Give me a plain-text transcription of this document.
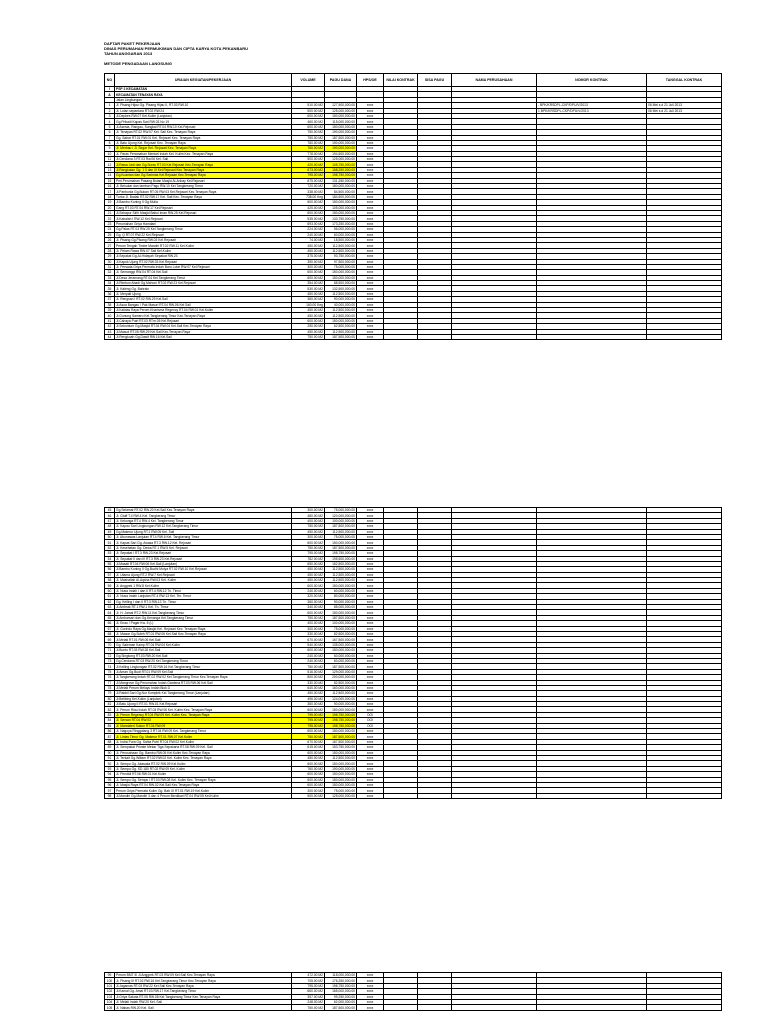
DAFTAR PAKET PEKERJAAN
DINAS PERUMAHAN PERMUKIMAN DAN CIPTA KARYA KOTA PEKANBARU
TAHUN ANGGARAN 2013
METODE PENGADAAN LANGSUNG
NO	URAIAN KEGIATAN/PEKERJAAN	VOLUME	PAGU DANA	HPS/OE	NILAI KONTRAK	SISA PAGU	NAMA PERUSAHAAN	NOMOR KONTRAK	TANGGAL KONTRAK
I	PSP 2 KECAMATAN								
A	KECAMATAN TENAYAN RAYA								
	Jalan Lingkungan								
1	Jl. Pisang Hijau Gg. Pisang Hijau II, RT.03 RW.10	510.00 M2	127,500,000.00	xxxx				- BPK/KRSDPL-CKP/DPU/V/2013	06 Mei s.d 21 Juli 2013
2	Jl. Lulan sepantara RT.02 RW.24	500.00 M2	125,000,000.00	xxxx				1 BPK/KRSDPL-CKP/DPU/V/2013	06 Mei s.d 21 Juli 2013
3	Jl.Depkes RW.07 Kel.Kulim (Lanjutan)	600.00 M2	150,000,000.00	xxxx					
4	Gg.Pribadi Kapas Sari RW.03 No 19	460.00 M2	115,000,000.00	xxxx					
5	Jl.Asesta, Rangau, Sungkai RT.04 RW.10 Kel.Rejosari	600.00 M2	150,000,000.00	xxxx					
6	Jl. Tenayan RT.02 RW.07 Kel. Sail Kec. Tenayan Raya	750.00 M2	190,000,000.00	xxxx					
7	Gg. Sabar RT.01 RW.01 Kel. Rejosari Kec. Tenayan Raya	750.00 M2	187,500,000.00	xxxx					
8	Jl. Batu Ujung Kel. Rejosari Kec. Tenayan Raya	760.00 M2	190,000,000.00	xxxx					
9	Jl. Merbau / Jl. Segar Kel. Rejosari Kec. Tenayan Raya	760.00 M2	190,000,000.00	xxxx					
10	Jl. Paras Peramahan Mentari Indah Kel. Kulim Kec. Tenayan Raya	778.00 M2	194,500,000.00	xxxx					
11	Jl.Cendana 3 RT.03 Rw.06 Kel. Sail	500.00 M2	125,000,000.00	xxxx					
12	Jl.Rawa Jadi dan Gg.Surau RT.03 Kel.Rejosari Kec.Tenayan Raya	420.00 M2	105,750,000.00	xxxx					
13	Jl.Rangkaian Gg. 1 II dan III Kel.Rejosari Kec.Tenayan Raya	673.00 M2	168,250,000.00	xxxx					
14	Gg.Kuantan dan Gg.Sarimas Kel.Rejosari Kec.Tenayan Raya	795.00 M2	198,750,000.00	xxxx					
15	Perl.Perumahan Pasang Bulan Masjid Al-Anbay Kel.Rejosari	875.00 M2	131,250,000.00	xxxx					
16	Jl. Bekukar dan lambun Pagu RW.10 Kel.Tangkerang Timur	720.00 M2	180,000,000.00	xxxx					
17	Jl.Panbunia Gg.Bukan RT.05 RW.03 Kel.Rejosari Kec.Tenayan Raya	338.00 M2	84,500,000.00	xxxx					
18	Turtur Jl. Badak RT.02 RW.17 Kel. Sail Kec. Tenayan Raya	738.00 Keg	184,500,000.00	xxxx					
19	Jl.Bambu Kuning II Gg.Mulia	600.00 M2	150,000,000.00	xxxx					
20	Gang RT.03 RT.04 RW.17 Kel.Rejosari	420.00 M2	105,000,000.00	xxxx					
21	Jl.Sekapur Sirih Masjid Baitul Iman RW.25 Kel.Rejosari	600.00 M2	150,000,000.00	xxxx					
22	Jl.Kabalah I RW.12 Kel.Rejosari	535.00 M2	133,750,000.00	xxxx					
23	Perumahan Griya Hamdani	693.00 M2	173,250,000.00	xxxx					
24	Gg.Palas RT.03 RW.25 Kel.Tangkerang Timur	224.00 M2	56,000,000.00	xxxx					
25	Gg. Q RT.07 RW.22 Kel.Rejosari	240.00 M2	60,000,000.00	xxxx					
26	Jl. Pisang Gg.Pisang RW.03 Kel.Rejosari	74.00 M2	18,500,000.00	xxxx					
27	Perum Tengah Timbe Mandiri RT.02 RW.11 Kel.Kulim	450.00 M2	112,500,000.00	xxxx					
28	Jl. Pelam Rawa RW.07 Sail Kel.Kulim	450.00 M2	112,500,000.00	xxxx					
29	Jl.Sepakat Gg.Al-Hidayah Sepakat RW.23	375.00 M2	93,750,000.00	xxxx					
30	Jl.Kapuk Ujung RT.02 RW.03 Kel.Rejosari	390.00 M2	97,500,000.00	xxxx					
31	Jl. Persada Griya Permata Indah Baru Lotar RW.07 Kel.Rejosari	300.00 M2	75,000,000.00	xxxx					
32	Jl. Semanggi RW.04 RT.04 Kel.Sail	600.00 M2	150,000,000.00	xxxx					
33	Jl.Desa Jeramang RT.04 Kel.Tangkerang Timur	600.00 M2	150,000,000.00	xxxx					
34	Jl.Rimbun Abadi Gg.Mahoni RT.02 RW.23 Kel.Rejosari	354.00 M2	88,500,000.00	xxxx					
35	Jl. Kaleng Gg. Bahrain	530.00 M2	132,500,000.00	xxxx					
36	Jl. Merpati Ujung	450.00 M2	112,500,000.00	xxxx					
37	Jl. Rengsan I RT.02 RW.29 Kel.Sail	360.00 M2	90,000,000.00	xxxx					
38	Jl.Asoa Bangau / Pak Masuri RT.04 RW.06 Kel.Sail	160.00 Keg	40,000,000.00	xxxx					
39	Jl.Kalidas Raya Perum Kharisma Regency RT.04 RW.01 Kel.Kulim	450.00 M2	112,500,000.00	xxxx					
40	Jl.Gunung Sameru Kel.Tangkerang Timur Kec.Tenayan Raya	450.00 M2	112,500,000.00	xxxx					
41	Jl.Cahaya Putri RT.03 RTm.05 Kel.Rejosari	600.00 M2	150,000,000.00	xxxx					
42	Jl.Sekuntum Gg.Masjid RT.04 RW.04 Kel.Sail Kec.Tenayan Raya	250.00 M2	62,500,000.00	xxxx					
43	Jl.Masud RT.05 RW.29 Kel.Sail Kec.Tenayan Raya	450.00 M2	112,500,000.00	xxxx					
44	Jl.Rengkuah Gg.Dawit RW.16 Kel.Sail	750.00 M2	187,500,000.00	xxxx					
45	Gg.Selamat RT.02 RW.20 Kel.Sail Kec.Tenayan Raya	300.00 M2	75,000,000.00	xxxx					
46	Jl. Gtuff T.4 RW.4 Kel. Tangkerang Timur	480.00 M2	120,000,000.00	xxxx					
47	Jl. Kekunga RT.4 RW.4 Kel. Tangkerang Timur	400.00 M2	100,000,000.00	xxxx					
48	Jl. Kapau Sari Lingkungan RW.12 Kel.Tangkerang Timur	750.00 M2	187,500,000.00	xxxx					
49	Gg.Makmur Ujung RT.1 RW.05 Kel. Sail	450.00 M2	112,500,000.00	xxxx					
50	Jl. Abunawas Lanjutan RT.4 RW.6 Kel. Tangkerang Timur	300.00 M2	75,000,000.00	xxxx					
51	Jl. Kapas Sari Gg. Awasa RT.3 RW.12 Kel. Rejosari	600.00 M2	150,000,000.00	xxxx					
52	Jl. Kesehatan Gg. Dewa RT.1 RW.5 Kel. Rejosari	750.00 M2	187,500,000.00	xxxx					
53	Jl. Sepakat I RT.3 RW.23 Kel.Rejosari	795.00 M2	198,750,000.00	xxxx					
54	Jl. Sepakat II dan III RT.3 RW.23 Kel.Rejosari	782.00 M2	195,500,000.00	xxxx					
55	Jl.Masati RT.04 RW.06 Kel.Sail (Lanjutan)	650.00 M2	162,500,000.00	xxxx					
56	Jl.Bambu Kuning II Gg.Budhi Mulya RT.02 RW.10 Kel.Rejosari	450.00 M2	112,500,000.00	xxxx					
57	Jl. Utama Ujung RT.2 RW.7 Kel.Rejosari	450.00 M2	112,500,000.00	xxxx					
58	Jl. Mashallah Al-Aqsha RW.03 Kel. Kulim	450.00 M2	112,500,000.00	xxxx					
59	Jl. Anggrek 1 RW.8 Kel.Kulim	600.00 M2	150,000,000.00	xxxx					
60	Jl. Nusa Indah I dan II RT.4 RW.12 Tn. Timur	240.00 M2	60,000,000.00	xxxx					
61	Jl. Nusa Indah Lanjutan RT.4 RW.13 Kel. Ter. Timur	320.00 M2	80,000,000.00	xxxx					
62	Gg. Kelling I dan II RT.3 RW.13 Tn. Timur	360.00 M2	90,000,000.00	xxxx					
63	Jl.Ambrak RT.1 RW.1 Kel. Tn. Timur	340.00 M2	85,000,000.00	xxxx					
64	Jl. H. Jamal RT.2 RW.11 Kel.Tangkerang Timur	600.00 M2	150,000,000.00	xxxx					
65	Jl.Ambarsari dan Gg.Kenanga Kel.Tangkerang Timur	750.00 M2	187,500,000.00	xxxx					
66	Jl. Enau / Pagar Kw. 5 (L)	400.00 M2	100,000,000.00	xxxx					
67	Jl. Gurindo Raya Gg.Masjid Kel. Rejosari Kec. Tenayan Raya	300.00 M2	75,000,000.00	xxxx					
68	Jl. Mawar Gg.Soleh RT.01 RW.06 Kel.Sail Kec.Tenayan Raya	330.00 M2	82,500,000.00	xxxx					
69	Jl.Melati RT.01 RW.06 Kel.Sail	670.00 M2	167,500,000.00	xxxx					
70	Gg. Saleman Kamp RT.04 RW.04 Kel.Kulim	540.00 M2	135,000,000.00	xxxx					
71	Jl.Buntu RT.03 RW.28 Kel.Sail	600.00 M2	150,000,000.00	xxxx					
72	Gg.Singkong RT.03 RW.20 Kel.Sail	240.00 M2	60,000,000.00	xxxx					
73	Gg.Cendana RT.03 RW.20 Kel.Tangkerang Timur	240.00 M2	60,000,000.00	xxxx					
74	Jl.Kelling Lingkungan RT.02 RW.16 Kel.Tangkerang Timur	750.00 M2	187,500,000.00	xxxx					
75	Jl.Aman Gg.Budi RT.01 RW.09 Kel.Sail	516.00 M2	129,000,000.00	xxxx					
76	Jl.Tangkerang Indah RT.02 RW.02 Kel.Tangkerang Timur Kec.Tenayan Raya	800.00 M2	200,000,000.00	xxxx					
77	Jl.Mangrove Gg.Perumahan Indah Gardena RT.03 RW.06 Kel.Sail	330.00 M2	82,500,000.00	xxxx					
78	Jl.Melati Perum Melayu Indah Blok D	640.00 M2	160,000,000.00	xxxx					
79	Jl.Rabbil Sari Gg.Nur Komplek Kel.Tangkerang Timur (Lanjutan)	450.00 M2	112,500,000.00	xxxx					
80	Jl.Belibing Kel.Kulim (Lanjutan)	496.00 M2	124,000,000.00	xxxx					
81	Jl.Batu Ujung II RT.01 RW.01 Kel.Rejosari	360.00 M2	90,000,000.00	xxxx					
82	Jl. Perum Riau Indah RT.03 RW.06 Kel. Kulim Kec. Tenayan Raya	600.00 M2	150,000,000.00	xxxx					
83	Jl. Perum Regency RT.04 RW.09 Kel. Kulim Kec. Tenayan Raya	795.00 M2	198,750,000.00	OOI					
84	Jl. Sersan RT.04 RW.03	795.00 M2	198,750,000.00	OOI					
85	Jl. Mandaleri Sukun RT.04 RW.09	795.00 M2	198,750,000.00	OOI					
86	Jl. Nagoya Ringgalang 3 RT.04 RW.09 Kel. Tangkerang Timur	600.00 M2	150,000,000.00	xxxx					
87	Jl. Lintas Timur Gg. Makmur RT.01 RW.07 Kel.Kulim	750.00 M2	187,500,000.00	xxxx					
88	Jl. Indra Pura Gg. Sahla Putri RT.04 RW.02 Kel.Kulim	670.00 M2	167,500,000.00	xxxx					
89	Jl. Sempakat Private Mekar Tiga Sepakaria RT.08 RW.09 Kel. Sail	615.00 M2	153,750,000.00	xxxx					
90	Jl. Perusahaan Gg. Bambu RW.05 Kel.Kulim Kec.Tenayan Raya	600.00 M2	150,000,000.00	xxxx					
91	Jl. Terkait Gg.Wiliam RT.02 RW.02 Kel. Kulim Kec. Tenayan Raya	450.00 M2	112,500,000.00	xxxx					
92	Jl. Sempu Gg. Akasaka RT.02 RW.09 Kel.Kulim	600.00 M2	150,000,000.00	xxxx					
93	Jl. Sempu Gg. SD 180 RT.02 RW.09 Kel. Kulim	760.00 M2	190,000,000.00	xxxx					
94	Jl. Pendidi RT.06 RW.01 Kel.Kulim	600.00 M2	150,000,000.00	xxxx					
95	Jl. Sempu Gg. Sempu I RT.03 RW.08 Kel. Kulim Kec. Tenayan Raya	600.00 M2	150,000,000.00	xxxx					
96	Jl. Masjid Raya RT.04 RW.02 Kel.Sail Kec.Tenayan Raya	600.00 M2	150,000,000.00	xxxx					
97	Perum Griya Permata Kulim Gg. Bab XI RT.01 RW.19 Kel.Kulim	300.00 M2	75,000,000.00	xxxx					
98	Jl.Mandiri Gg.Mandiri 3 dan 4 Perum Berdikari RT.04 RW.05 Kel.Kulim	500.00 M2	125,000,000.00	xxxx					
99	Perum BMT III Jl.Anggrek RT.03 RW.09 Kel.Sail Kec.Tenayan Raya	472.00 M2	118,000,000.00	xxxx					
100	Jl. Pisang III RT.02 RW.16 Kel.Tangkerang Timur Kec.Tenayan Raya	705.00 M2	176,250,000.00	xxxx					
101	Jl.Jagamas RT.03 RW.22 Kel.Sail Kec.Tenayan Raya	795.00 M2	198,750,000.00	xxxx					
102	Jl.Kamal Gg. Amal RT.03 RW.17 Kel.Tangkerang Timur	660.00 M2	165,000,000.00	xxxx					
103	Jl.Griya Sakota RT.05 RW.08 Kel.Tangkerang Timur Kec.Tenayan Raya	397.00 M2	99,250,000.00	xxxx					
104	Jl. Melati Indah RW.20 Kel. Sail	248.00 M2	62,000,000.00	xxxx					
105	Jl. Nabas RW.20 Kel. Sail	750.00 M2	187,500,000.00	xxxx					
